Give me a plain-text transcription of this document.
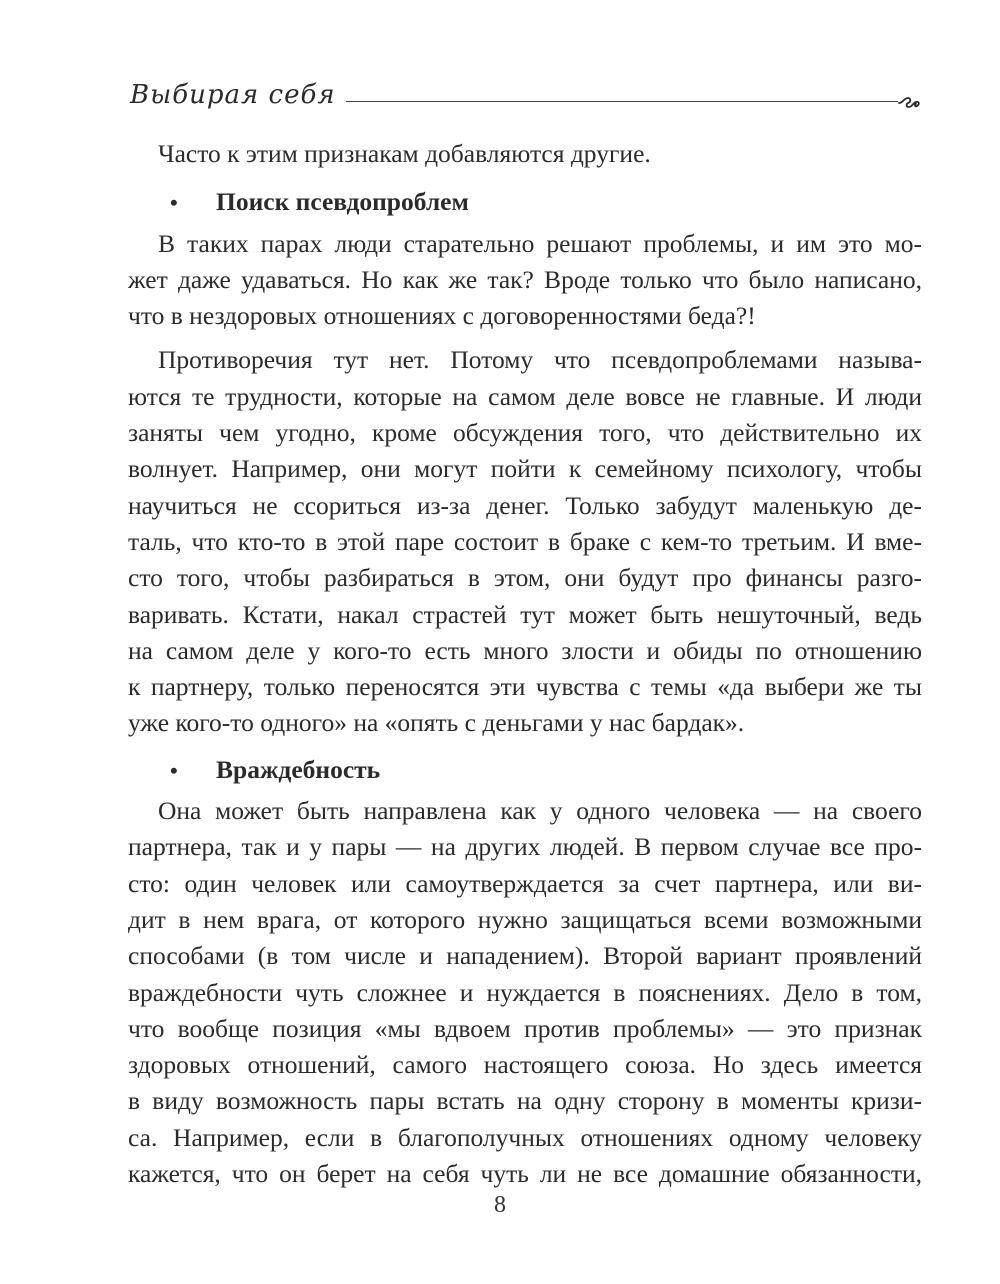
Выбирая себя

Часто к этим признакам добавляются другие.

•	Поиск псевдопроблем
В таких парах люди старательно решают проблемы, и им это мо-
жет даже удаваться. Но как же так? Вроде только что было написано,
что в нездоровых отношениях с договоренностями беда?!
Противоречия тут нет. Потому что псевдопроблемами называ-
ются те трудности, которые на самом деле вовсе не главные. И люди
заняты чем угодно, кроме обсуждения того, что действительно их
волнует. Например, они могут пойти к семейному психологу, чтобы
научиться не ссориться из-за денег. Только забудут маленькую де-
таль, что кто-то в этой паре состоит в браке с кем-то третьим. И вме-
сто того, чтобы разбираться в этом, они будут про финансы разго-
варивать. Кстати, накал страстей тут может быть нешуточный, ведь
на самом деле у кого-то есть много злости и обиды по отношению
к партнеру, только переносятся эти чувства с темы «да выбери же ты
уже кого-то одного» на «опять с деньгами у нас бардак».
•	Враждебность
Она может быть направлена как у одного человека — на своего
партнера, так и у пары — на других людей. В первом случае все про-
сто: один человек или самоутверждается за счет партнера, или ви-
дит в нем врага, от которого нужно защищаться всеми возможными
способами (в том числе и нападением). Второй вариант проявлений
враждебности чуть сложнее и нуждается в пояснениях. Дело в том,
что вообще позиция «мы вдвоем против проблемы» — это признак
здоровых отношений, самого настоящего союза. Но здесь имеется
в виду возможность пары встать на одну сторону в моменты кризи-
са. Например, если в благополучных отношениях одному человеку
кажется, что он берет на себя чуть ли не все домашние обязанности,
8
